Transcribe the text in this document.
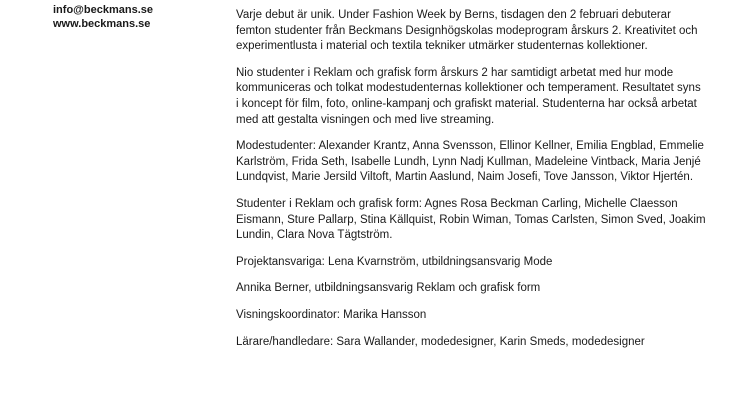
info@beckmans.se
www.beckmans.se

Varje debut är unik. Under Fashion Week by Berns, tisdagen den 2 februari debuterar femton studenter från Beckmans Designhögskolas modeprogram årskurs 2. Kreativitet och experimentlusta i material och textila tekniker utmärker studenternas kollektioner.

Nio studenter i Reklam och grafisk form årskurs 2 har samtidigt arbetat med hur mode kommuniceras och tolkat modestudenternas kollektioner och temperament. Resultatet syns i koncept för film, foto, online-kampanj och grafiskt material. Studenterna har också arbetat med att gestalta visningen och med live streaming.

Modestudenter: Alexander Krantz, Anna Svensson, Ellinor Kellner, Emilia Engblad, Emmelie Karlström, Frida Seth, Isabelle Lundh, Lynn Nadj Kullman, Madeleine Vintback, Maria Jenjé Lundqvist, Marie Jersild Viltoft, Martin Aaslund, Naim Josefi, Tove Jansson, Viktor Hjertén.

Studenter i Reklam och grafisk form: Agnes Rosa Beckman Carling, Michelle Claesson Eismann, Sture Pallarp, Stina Källquist, Robin Wiman, Tomas Carlsten, Simon Sved, Joakim Lundin, Clara Nova Tägtström.

Projektansvariga: Lena Kvarnström, utbildningsansvarig Mode

Annika Berner, utbildningsansvarig Reklam och grafisk form

Visningskoordinator: Marika Hansson

Lärare/handledare: Sara Wallander, modedesigner, Karin Smeds, modedesigner
